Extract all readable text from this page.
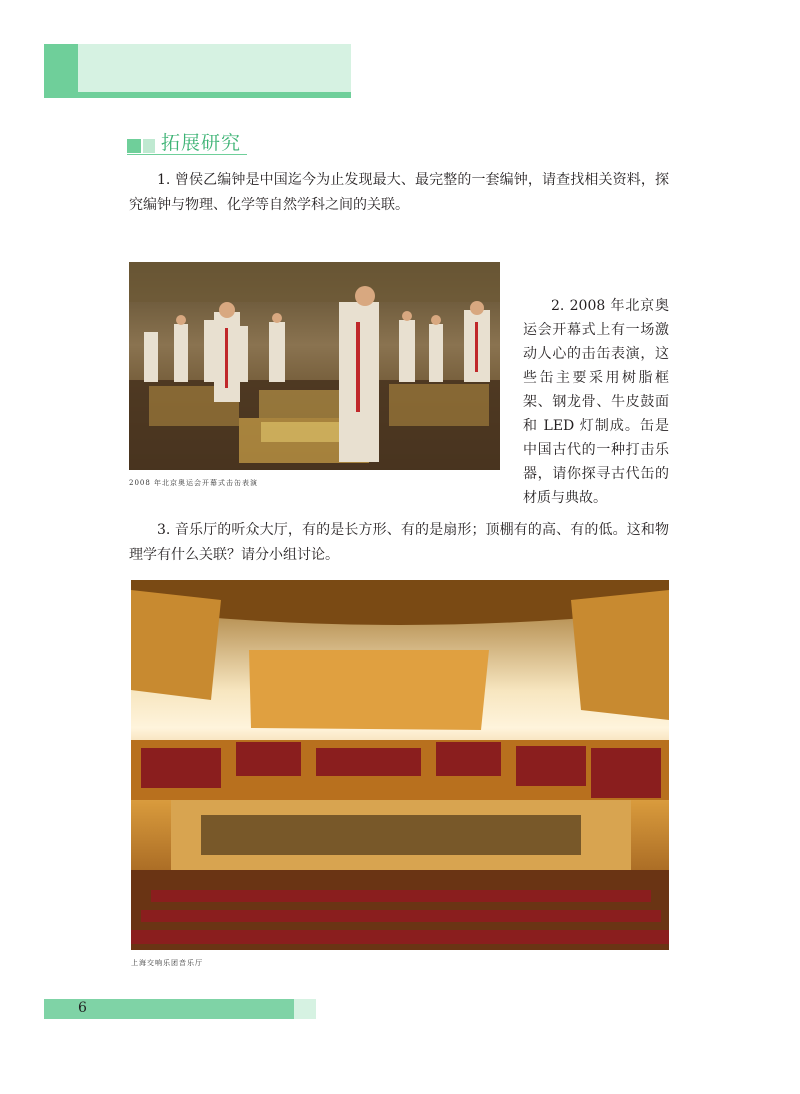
拓展研究

1. 曾侯乙编钟是中国迄今为止发现最大、最完整的一套编钟，请查找相关资料，探究编钟与物理、化学等自然学科之间的关联。

2. 2008 年北京奥运会开幕式上有一场激动人心的击缶表演，这些缶主要采用树脂框架、钢龙骨、牛皮鼓面和 LED 灯制成。缶是中国古代的一种打击乐器，请你探寻古代缶的材质与典故。

2008 年北京奥运会开幕式击缶表演

3. 音乐厅的听众大厅，有的是长方形、有的是扇形；顶棚有的高、有的低。这和物理学有什么关联？请分小组讨论。

上海交响乐团音乐厅
6
